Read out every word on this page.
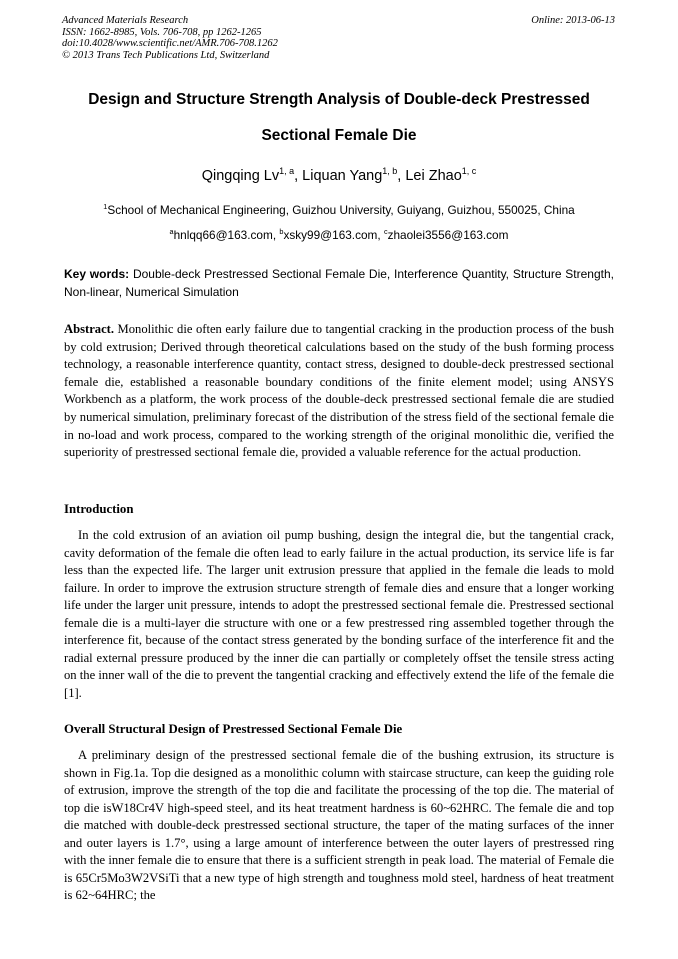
Advanced Materials Research
ISSN: 1662-8985, Vols. 706-708, pp 1262-1265
doi:10.4028/www.scientific.net/AMR.706-708.1262
© 2013 Trans Tech Publications Ltd, Switzerland
Online: 2013-06-13
Design and Structure Strength Analysis of Double-deck Prestressed
Sectional Female Die
Qingqing Lv$^{1, a}$, Liquan Yang$^{1, b}$, Lei Zhao$^{1, c}$
$^1$School of Mechanical Engineering, Guizhou University, Guiyang, Guizhou, 550025, China
$^a$hnlqq66@163.com, $^b$xsky99@163.com, $^c$zhaolei3556@163.com
Key words: Double-deck Prestressed Sectional Female Die, Interference Quantity, Structure Strength, Non-linear, Numerical Simulation
Abstract. Monolithic die often early failure due to tangential cracking in the production process of the bush by cold extrusion; Derived through theoretical calculations based on the study of the bush forming process technology, a reasonable interference quantity, contact stress, designed to double-deck prestressed sectional female die, established a reasonable boundary conditions of the finite element model; using ANSYS Workbench as a platform, the work process of the double-deck prestressed sectional female die are studied by numerical simulation, preliminary forecast of the distribution of the stress field of the sectional female die in no-load and work process, compared to the working strength of the original monolithic die, verified the superiority of prestressed sectional female die, provided a valuable reference for the actual production.
Introduction
In the cold extrusion of an aviation oil pump bushing, design the integral die, but the tangential crack, cavity deformation of the female die often lead to early failure in the actual production, its service life is far less than the expected life. The larger unit extrusion pressure that applied in the female die leads to mold failure. In order to improve the extrusion structure strength of female dies and ensure that a longer working life under the larger unit pressure, intends to adopt the prestressed sectional female die. Prestressed sectional female die is a multi-layer die structure with one or a few prestressed ring assembled together through the interference fit, because of the contact stress generated by the bonding surface of the interference fit and the radial external pressure produced by the inner die can partially or completely offset the tensile stress acting on the inner wall of the die to prevent the tangential cracking and effectively extend the life of the female die [1].
Overall Structural Design of Prestressed Sectional Female Die
A preliminary design of the prestressed sectional female die of the bushing extrusion, its structure is shown in Fig.1a. Top die designed as a monolithic column with staircase structure, can keep the guiding role of extrusion, improve the strength of the top die and facilitate the processing of the top die. The material of top die isW18Cr4V high-speed steel, and its heat treatment hardness is 60~62HRC. The female die and top die matched with double-deck prestressed sectional structure, the taper of the mating surfaces of the inner and outer layers is 1.7°, using a large amount of interference between the outer layers of prestressed ring with the inner female die to ensure that there is a sufficient strength in peak load. The material of Female die is 65Cr5Mo3W2VSiTi that a new type of high strength and toughness mold steel, hardness of heat treatment is 62~64HRC; the
